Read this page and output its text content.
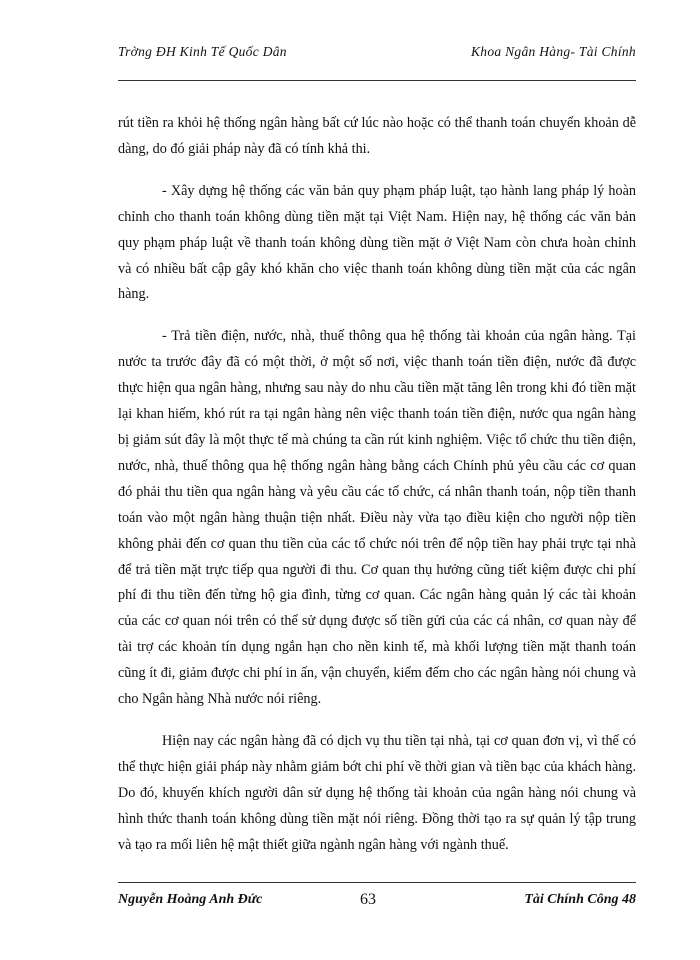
Trờng ĐH Kinh Tế Quốc Dân	Khoa Ngân Hàng- Tài Chính

rút tiền ra khỏi hệ thống ngân hàng bất cứ lúc nào hoặc có thể thanh toán chuyển khoản dễ dàng, do đó giải pháp này đã có tính khả thi.

- Xây dựng hệ thống các văn bản quy phạm pháp luật, tạo hành lang pháp lý hoàn chỉnh cho thanh toán không dùng tiền mặt tại Việt Nam. Hiện nay, hệ thống các văn bản quy phạm pháp luật về thanh toán không dùng tiền mặt ở Việt Nam còn chưa hoàn chỉnh và có nhiều bất cập gây khó khăn cho việc thanh toán không dùng tiền mặt của các ngân hàng.

- Trả tiền điện, nước, nhà, thuế thông qua hệ thống tài khoản của ngân hàng. Tại nước ta trước đây đã có một thời, ở một số nơi, việc thanh toán tiền điện, nước đã được thực hiện qua ngân hàng, nhưng sau này do nhu cầu tiền mặt tăng lên trong khi đó tiền mặt lại khan hiếm, khó rút ra tại ngân hàng nên việc thanh toán tiền điện, nước qua ngân hàng bị giảm sút đây là một thực tế mà chúng ta cần rút kinh nghiệm. Việc tổ chức thu tiền điện, nước, nhà, thuế thông qua hệ thống ngân hàng bằng cách Chính phủ yêu cầu các cơ quan đó phải thu tiền qua ngân hàng và yêu cầu các tổ chức, cá nhân thanh toán, nộp tiền thanh toán vào một ngân hàng thuận tiện nhất. Điều này vừa tạo điều kiện cho người nộp tiền không phải đến cơ quan thu tiền của các tổ chức nói trên để nộp tiền hay phải trực tại nhà để trả tiền mặt trực tiếp qua người đi thu. Cơ quan thụ hưởng cũng tiết kiệm được chi phí phí đi thu tiền đến từng hộ gia đình, từng cơ quan. Các ngân hàng quản lý các tài khoản của các cơ quan nói trên có thể sử dụng được số tiền gửi của các cá nhân, cơ quan này để tài trợ các khoản tín dụng ngắn hạn cho nền kinh tế, mà khối lượng tiền mặt thanh toán cũng ít đi, giảm được chi phí in ấn, vận chuyển, kiểm đếm cho các ngân hàng nói chung và cho Ngân hàng Nhà nước nói riêng.

Hiện nay các ngân hàng đã có dịch vụ thu tiền tại nhà, tại cơ quan đơn vị, vì thế có thể thực hiện giải pháp này nhằm giảm bớt chi phí về thời gian và tiền bạc của khách hàng. Do đó, khuyến khích người dân sử dụng hệ thống tài khoản của ngân hàng nói chung và hình thức thanh toán không dùng tiền mặt nói riêng. Đồng thời tạo ra sự quản lý tập trung và tạo ra mối liên hệ mật thiết giữa ngành ngân hàng với ngành thuế.

Nguyễn Hoàng Anh Đức	63	Tài Chính Công 48
